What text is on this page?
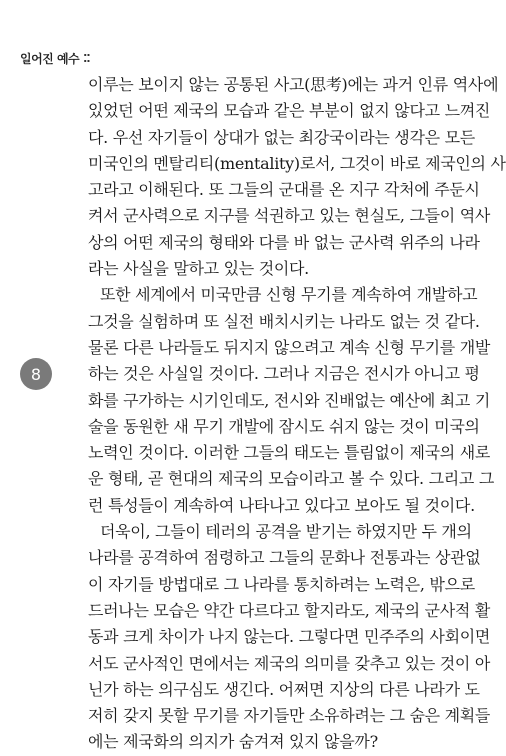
일어진 예수 ⁚⁚
8
이루는 보이지 않는 공통된 사고(思考)에는 과거 인류 역사에
있었던 어떤 제국의 모습과 같은 부분이 없지 않다고 느껴진
다. 우선 자기들이 상대가 없는 최강국이라는 생각은 모든
미국인의 멘탈리티(mentality)로서, 그것이 바로 제국인의 사
고라고 이해된다. 또 그들의 군대를 온 지구 각처에 주둔시
켜서 군사력으로 지구를 석권하고 있는 현실도, 그들이 역사
상의 어떤 제국의 형태와 다를 바 없는 군사력 위주의 나라
라는 사실을 말하고 있는 것이다.
또한 세계에서 미국만큼 신형 무기를 계속하여 개발하고
그것을 실험하며 또 실전 배치시키는 나라도 없는 것 같다.
물론 다른 나라들도 뒤지지 않으려고 계속 신형 무기를 개발
하는 것은 사실일 것이다. 그러나 지금은 전시가 아니고 평
화를 구가하는 시기인데도, 전시와 진배없는 예산에 최고 기
술을 동원한 새 무기 개발에 잠시도 쉬지 않는 것이 미국의
노력인 것이다. 이러한 그들의 태도는 틀림없이 제국의 새로
운 형태, 곧 현대의 제국의 모습이라고 볼 수 있다. 그리고 그
런 특성들이 계속하여 나타나고 있다고 보아도 될 것이다.
더욱이, 그들이 테러의 공격을 받기는 하였지만 두 개의
나라를 공격하여 점령하고 그들의 문화나 전통과는 상관없
이 자기들 방법대로 그 나라를 통치하려는 노력은, 밖으로
드러나는 모습은 약간 다르다고 할지라도, 제국의 군사적 활
동과 크게 차이가 나지 않는다. 그렇다면 민주주의 사회이면
서도 군사적인 면에서는 제국의 의미를 갖추고 있는 것이 아
닌가 하는 의구심도 생긴다. 어쩌면 지상의 다른 나라가 도
저히 갖지 못할 무기를 자기들만 소유하려는 그 숨은 계획들
에는 제국화의 의지가 숨겨져 있지 않을까?
